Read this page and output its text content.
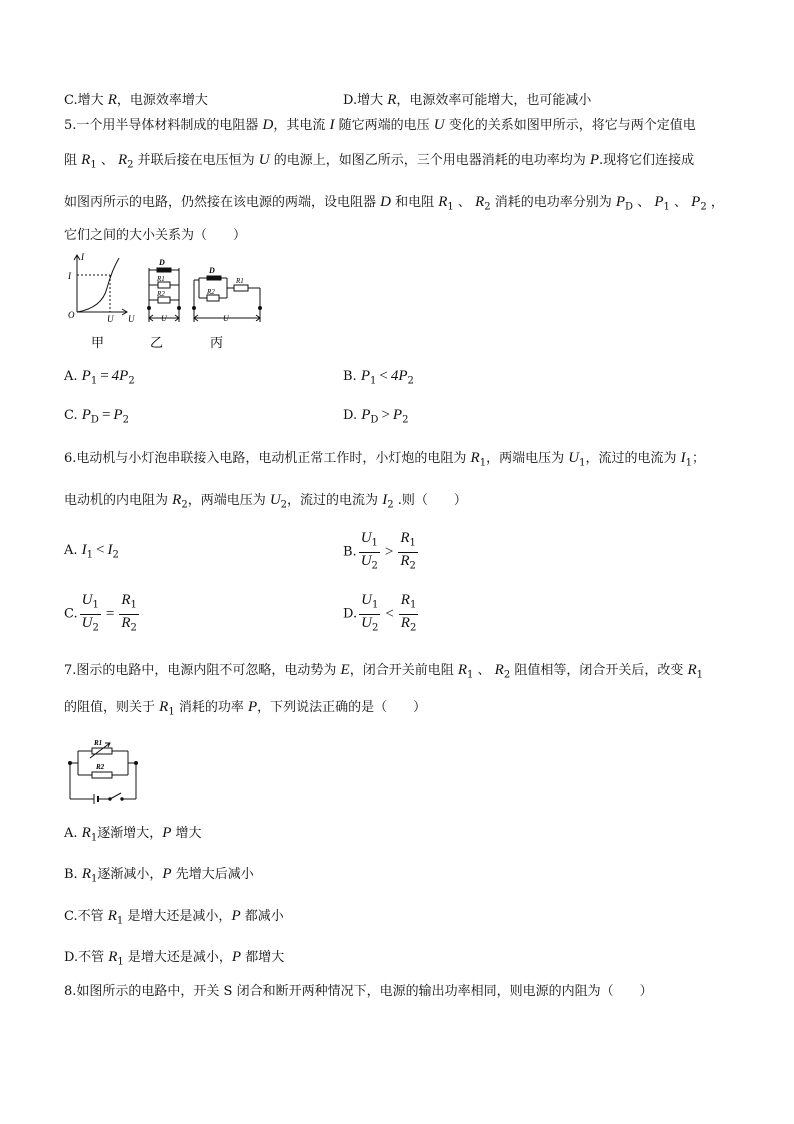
C.增大 R，电源效率增大	D.增大 R，电源效率可能增大，也可能减小
5.一个用半导体材料制成的电阻器 D，其电流 I 随它两端的电压 U 变化的关系如图甲所示，将它与两个定值电
阻 $R_1$ 、 $R_2$ 并联后接在电压恒为 U 的电源上，如图乙所示，三个用电器消耗的电功率均为 P.现将它们连接成
如图丙所示的电路，仍然接在该电源的两端，设电阻器 D 和电阻 $R_1$ 、 $R_2$ 消耗的电功率分别为 $P_D$ 、 $P_1$ 、 $P_2$ ，
它们之间的大小关系为（　　）
I
I
O	U U
D
R1
R2
U
D
R2
R1
U
甲	乙	丙
A. $P_1 = 4P_2$	B. $P_1 < 4P_2$
C. $P_D = P_2$	D. $P_D > P_2$
6.电动机与小灯泡串联接入电路，电动机正常工作时，小灯炮的电阻为 $R_1$，两端电压为 $U_1$，流过的电流为 $I_1$；
电动机的内电阻为 $R_2$，两端电压为 $U_2$，流过的电流为 $I_2$ .则（　　）
A. $I_1 < I_2$	B. $\frac{U_1}{U_2} > \frac{R_1}{R_2}$
C. $\frac{U_1}{U_2} = \frac{R_1}{R_2}$	D. $\frac{U_1}{U_2} < \frac{R_1}{R_2}$
7.图示的电路中，电源内阻不可忽略，电动势为 E，闭合开关前电阻 $R_1$ 、 $R_2$ 阻值相等，闭合开关后，改变 $R_1$
的阻值，则关于 $R_1$ 消耗的功率 P，下列说法正确的是（　　）
R1
R2
A. $R_1$逐渐增大，P 增大
B. $R_1$逐渐减小，P 先增大后减小
C.不管 $R_1$ 是增大还是减小，P 都减小
D.不管 $R_1$ 是增大还是减小，P 都增大
8.如图所示的电路中，开关 S 闭合和断开两种情况下，电源的输出功率相同，则电源的内阻为（　　）
